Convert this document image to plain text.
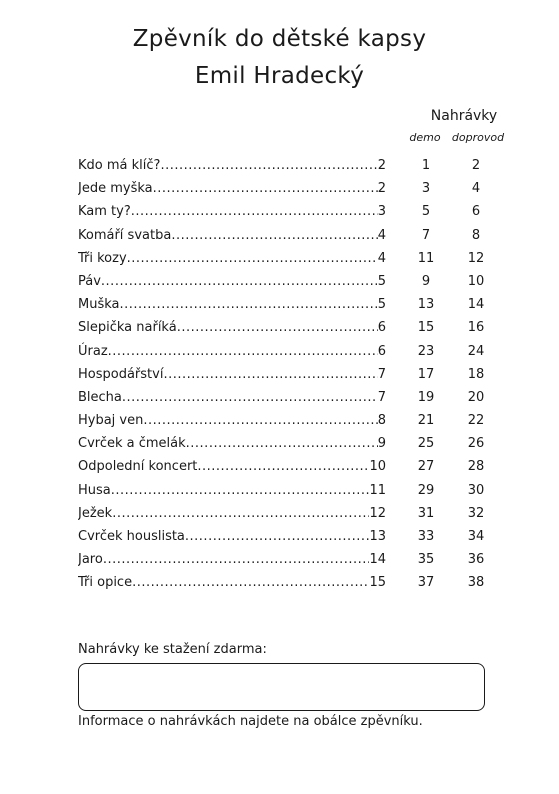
Zpěvník do dětské kapsy
Emil Hradecký
Nahrávky
demo	doprovod
Kdo má klíč? .....	2	1	2
Jede myška .....	2	3	4
Kam ty? .....	3	5	6
Komáří svatba .....	4	7	8
Tři kozy .....	4	11	12
Páv .....	5	9	10
Muška .....	5	13	14
Slepička naříká .....	6	15	16
Úraz .....	6	23	24
Hospodářství .....	7	17	18
Blecha .....	7	19	20
Hybaj ven .....	8	21	22
Cvrček a čmelák .....	9	25	26
Odpolední koncert .....	10	27	28
Husa .....	11	29	30
Ježek .....	12	31	32
Cvrček houslista .....	13	33	34
Jaro .....	14	35	36
Tři opice .....	15	37	38
Nahrávky ke stažení zdarma:
Informace o nahrávkách najdete na obálce zpěvníku.
